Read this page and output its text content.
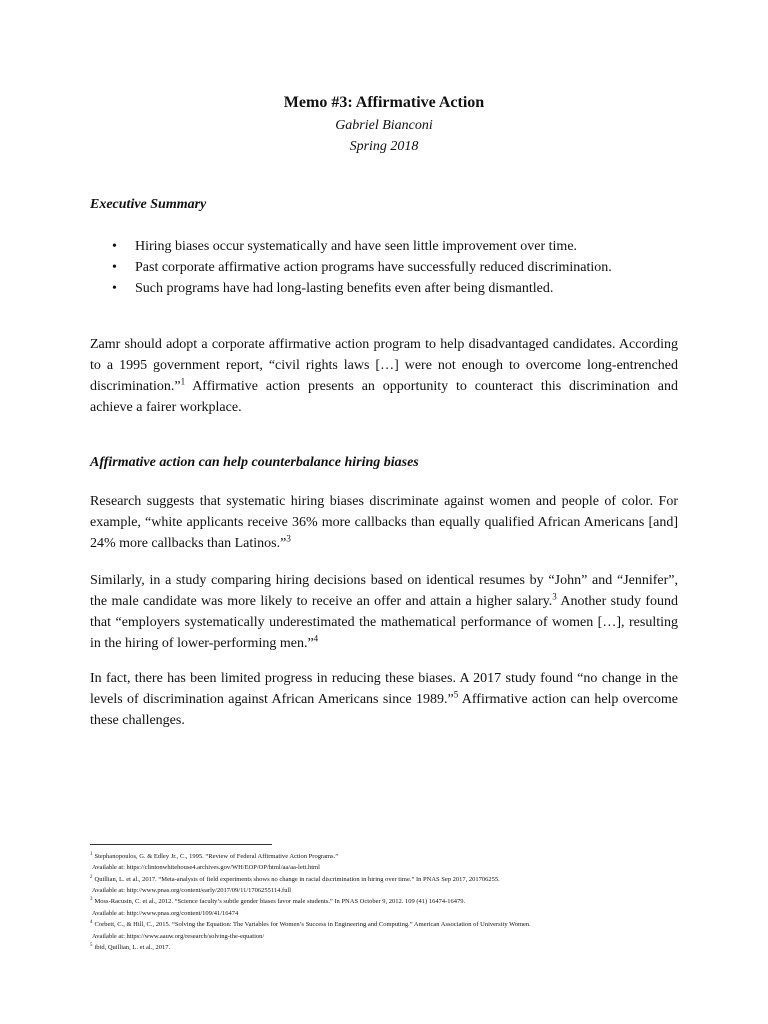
Memo #3: Affirmative Action
Gabriel Bianconi
Spring 2018
Executive Summary
• Hiring biases occur systematically and have seen little improvement over time.
• Past corporate affirmative action programs have successfully reduced discrimination.
• Such programs have had long-lasting benefits even after being dismantled.

Zamr should adopt a corporate affirmative action program to help disadvantaged candidates. According to a 1995 government report, “civil rights laws […] were not enough to overcome long-entrenched discrimination.”$^1$ Affirmative action presents an opportunity to counteract this discrimination and achieve a fairer workplace.

Affirmative action can help counterbalance hiring biases

Research suggests that systematic hiring biases discriminate against women and people of color. For example, “white applicants receive 36% more callbacks than equally qualified African Americans [and] 24% more callbacks than Latinos.”$^3$

Similarly, in a study comparing hiring decisions based on identical resumes by “John” and “Jennifer”, the male candidate was more likely to receive an offer and attain a higher salary.$^3$ Another study found that “employers systematically underestimated the mathematical performance of women […], resulting in the hiring of lower-performing men.”$^4$

In fact, there has been limited progress in reducing these biases. A 2017 study found “no change in the levels of discrimination against African Americans since 1989.”$^5$ Affirmative action can help overcome these challenges.

$^1$ Stephanopoulos, G. & Edley Jr., C., 1995. “Review of Federal Affirmative Action Programs.”
Available at: https://clintonwhitehouse4.archives.gov/WH/EOP/OP/html/aa/aa-lett.html
$^2$ Quillian, L. et al., 2017. “Meta-analysis of field experiments shows no change in racial discrimination in hiring over time.” In PNAS Sep 2017, 201706255.
Available at: http://www.pnas.org/content/early/2017/09/11/1706255114.full
$^3$ Moss-Racusin, C. et al., 2012. “Science faculty’s subtle gender biases favor male students.” In PNAS October 9, 2012. 109 (41) 16474-16479.
Available at: http://www.pnas.org/content/109/41/16474
$^4$ Corbett, C., & Hill, C., 2015. “Solving the Equation: The Variables for Women’s Success in Engineering and Computing.” American Association of University Women.
Available at: https://www.aauw.org/research/solving-the-equation/
$^5$ ibid, Quillian, L. et al., 2017.
